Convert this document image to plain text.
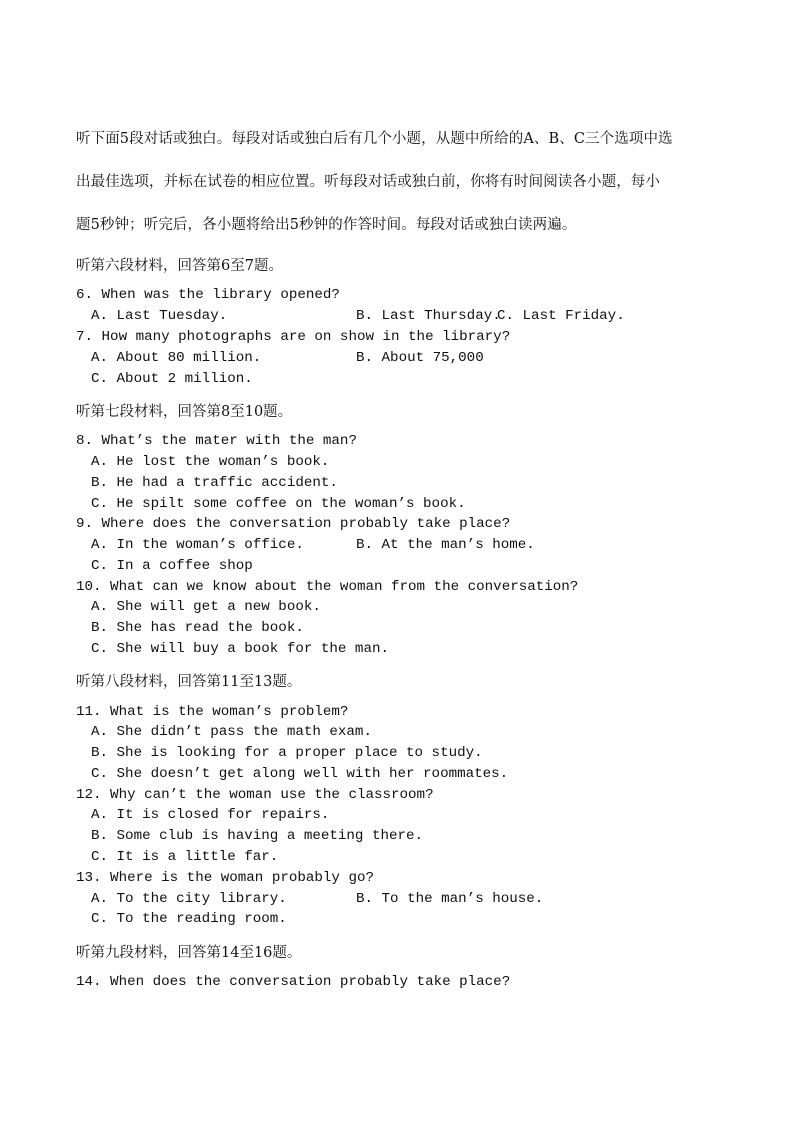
听下面5段对话或独白。每段对话或独白后有几个小题，从题中所给的A、B、C三个选项中选
出最佳选项，并标在试卷的相应位置。听每段对话或独白前，你将有时间阅读各小题，每小
题5秒钟；听完后，各小题将给出5秒钟的作答时间。每段对话或独白读两遍。
听第六段材料，回答第6至7题。
6. When was the library opened?
A. Last Tuesday.	B. Last Thursday.
C. Last Friday.
7. How many photographs are on show in the library?
A. About 80 million.	B. About 75,000
C. About 2 million.
听第七段材料，回答第8至10题。
8. What’s the mater with the man?
A. He lost the woman’s book.
B. He had a traffic accident.
C. He spilt some coffee on the woman’s book.
9. Where does the conversation probably take place?
A. In the woman’s office.	B. At the man’s home.
C. In a coffee shop
10. What can we know about the woman from the conversation?
A. She will get a new book.
B. She has read the book.
C. She will buy a book for the man.
听第八段材料，回答第11至13题。
11. What is the woman’s problem?
A. She didn’t pass the math exam.
B. She is looking for a proper place to study.
C. She doesn’t get along well with her roommates.
12. Why can’t the woman use the classroom?
A. It is closed for repairs.
B. Some club is having a meeting there.
C. It is a little far.
13. Where is the woman probably go?
A. To the city library.	B. To the man’s house.
C. To the reading room.
听第九段材料，回答第14至16题。
14. When does the conversation probably take place?
